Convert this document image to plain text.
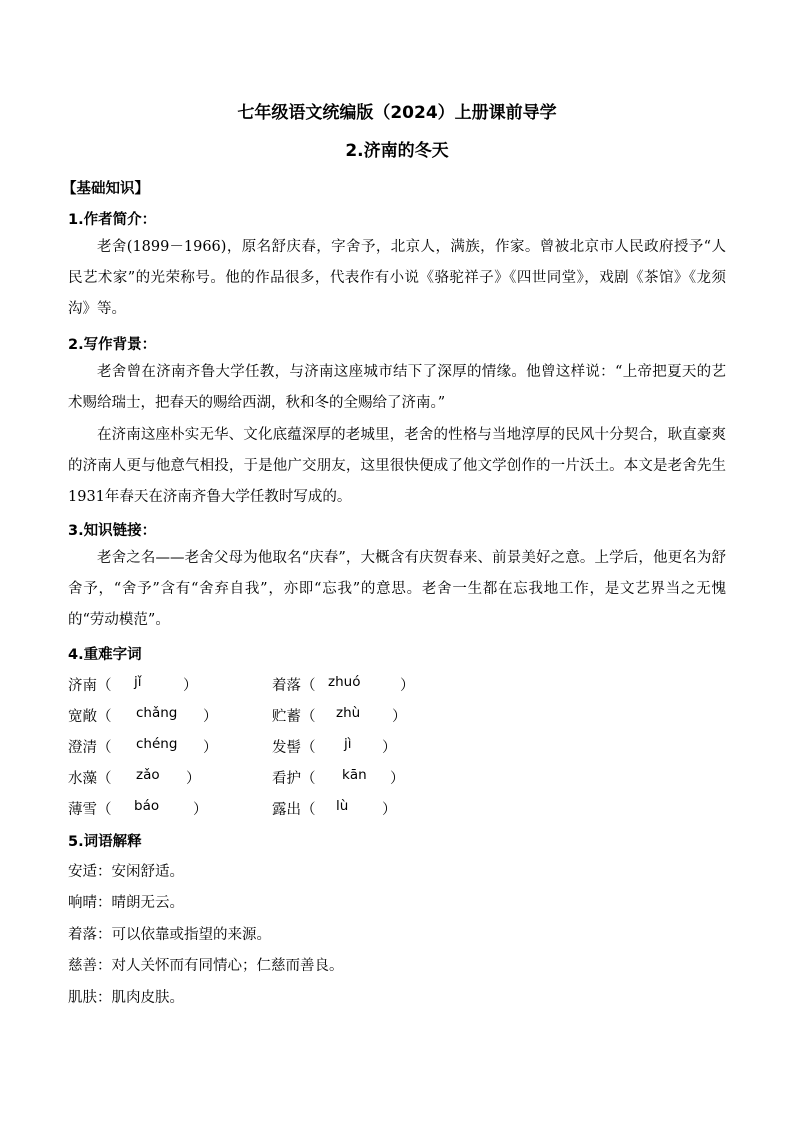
七年级语文统编版（2024）上册课前导学
2.济南的冬天
【基础知识】
1.作者简介：
老舍(1899－1966)，原名舒庆春，字舍予，北京人，满族，作家。曾被北京市人民政府授予“人民艺术家”的光荣称号。他的作品很多，代表作有小说《骆驼祥子》《四世同堂》，戏剧《茶馆》《龙须沟》等。
2.写作背景：
老舍曾在济南齐鲁大学任教，与济南这座城市结下了深厚的情缘。他曾这样说：“上帝把夏天的艺术赐给瑞士，把春天的赐给西湖，秋和冬的全赐给了济南。”
在济南这座朴实无华、文化底蕴深厚的老城里，老舍的性格与当地淳厚的民风十分契合，耿直豪爽的济南人更与他意气相投，于是他广交朋友，这里很快便成了他文学创作的一片沃土。本文是老舍先生1931年春天在济南齐鲁大学任教时写成的。
3.知识链接：
老舍之名——老舍父母为他取名“庆春”，大概含有庆贺春来、前景美好之意。上学后，他更名为舒舍予，“舍予”含有“舍弃自我”，亦即“忘我”的意思。老舍一生都在忘我地工作，是文艺界当之无愧的“劳动模范”。
4.重难字词
济南（ jǐ	）	着落（ zhuó	）
宽敞（ chǎng ）	贮蓄（ zhù ）
澄清（ chéng ）	发髻（ jì ）
水藻（ zǎo ）	看护（ kān ）
薄雪（ báo ）	露出（ lù ）
5.词语解释
安适：安闲舒适。
响晴：晴朗无云。
着落：可以依靠或指望的来源。
慈善：对人关怀而有同情心；仁慈而善良。
肌肤：肌肉皮肤。
